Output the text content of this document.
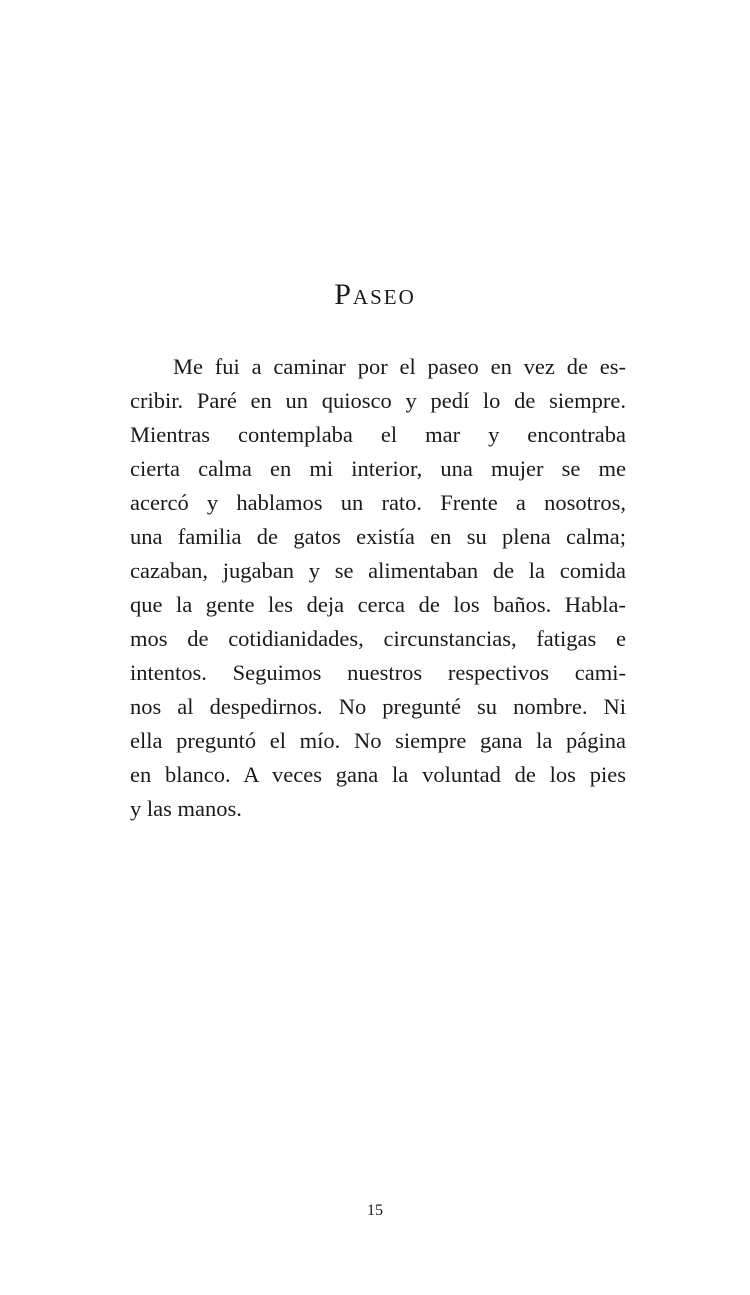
Paseo
Me fui a caminar por el paseo en vez de es-
cribir. Paré en un quiosco y pedí lo de siempre.
Mientras contemplaba el mar y encontraba
cierta calma en mi interior, una mujer se me
acercó y hablamos un rato. Frente a nosotros,
una familia de gatos existía en su plena calma;
cazaban, jugaban y se alimentaban de la comida
que la gente les deja cerca de los baños. Habla-
mos de cotidianidades, circunstancias, fatigas e
intentos. Seguimos nuestros respectivos cami-
nos al despedirnos. No pregunté su nombre. Ni
ella preguntó el mío. No siempre gana la página
en blanco. A veces gana la voluntad de los pies
y las manos.
15
